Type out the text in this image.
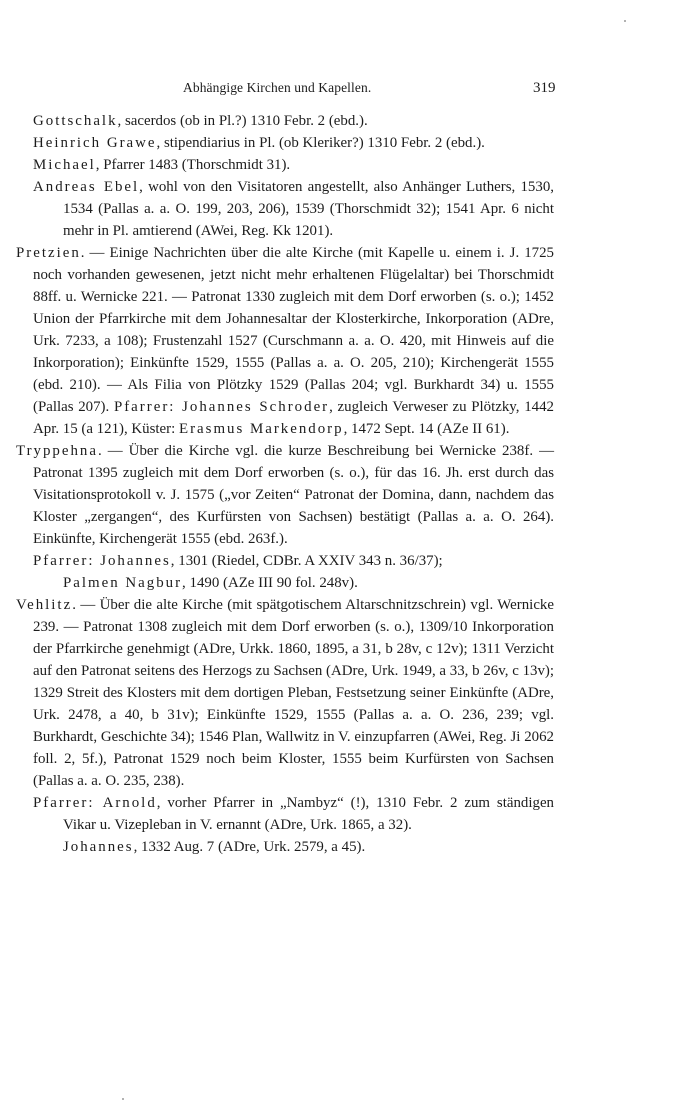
Abhängige Kirchen und Kapellen.	319

Gottschalk, sacerdos (ob in Pl.?) 1310 Febr. 2 (ebd.).

Heinrich Grawe, stipendiarius in Pl. (ob Kleriker?) 1310 Febr. 2 (ebd.).

Michael, Pfarrer 1483 (Thorschmidt 31).

Andreas Ebel, wohl von den Visitatoren angestellt, also Anhänger Luthers, 1530, 1534 (Pallas a. a. O. 199, 203, 206), 1539 (Thorschmidt 32); 1541 Apr. 6 nicht mehr in Pl. amtierend (AWei, Reg. Kk 1201).

Pretzien. — Einige Nachrichten über die alte Kirche (mit Kapelle u. einem i. J. 1725 noch vorhanden gewesenen, jetzt nicht mehr erhaltenen Flügelaltar) bei Thorschmidt 88ff. u. Wernicke 221. — Patronat 1330 zugleich mit dem Dorf erworben (s. o.); 1452 Union der Pfarrkirche mit dem Johannesaltar der Klosterkirche, Inkorporation (ADre, Urk. 7233, a 108); Frustenzahl 1527 (Curschmann a. a. O. 420, mit Hinweis auf die Inkorporation); Einkünfte 1529, 1555 (Pallas a. a. O. 205, 210); Kirchengerät 1555 (ebd. 210). — Als Filia von Plötzky 1529 (Pallas 204; vgl. Burkhardt 34) u. 1555 (Pallas 207). Pfarrer: Johannes Schroder, zugleich Verweser zu Plötzky, 1442 Apr. 15 (a 121), Küster: Erasmus Markendorp, 1472 Sept. 14 (AZe II 61).

Tryppehna. — Über die Kirche vgl. die kurze Beschreibung bei Wernicke 238f. — Patronat 1395 zugleich mit dem Dorf erworben (s. o.), für das 16. Jh. erst durch das Visitationsprotokoll v. J. 1575 („vor Zeiten“ Patronat der Domina, dann, nachdem das Kloster „zergangen“, des Kurfürsten von Sachsen) bestätigt (Pallas a. a. O. 264). Einkünfte, Kirchengerät 1555 (ebd. 263f.).

Pfarrer: Johannes, 1301 (Riedel, CDBr. A XXIV 343 n. 36/37);

Palmen Nagbur, 1490 (AZe III 90 fol. 248v).

Vehlitz. — Über die alte Kirche (mit spätgotischem Altarschnitzschrein) vgl. Wernicke 239. — Patronat 1308 zugleich mit dem Dorf erworben (s. o.), 1309/10 Inkorporation der Pfarrkirche genehmigt (ADre, Urkk. 1860, 1895, a 31, b 28v, c 12v); 1311 Verzicht auf den Patronat seitens des Herzogs zu Sachsen (ADre, Urk. 1949, a 33, b 26v, c 13v); 1329 Streit des Klosters mit dem dortigen Pleban, Festsetzung seiner Einkünfte (ADre, Urk. 2478, a 40, b 31v); Einkünfte 1529, 1555 (Pallas a. a. O. 236, 239; vgl. Burkhardt, Geschichte 34); 1546 Plan, Wallwitz in V. einzupfarren (AWei, Reg. Ji 2062 foll. 2, 5f.), Patronat 1529 noch beim Kloster, 1555 beim Kurfürsten von Sachsen (Pallas a. a. O. 235, 238).

Pfarrer: Arnold, vorher Pfarrer in „Nambyz“ (!), 1310 Febr. 2 zum ständigen Vikar u. Vizepleban in V. ernannt (ADre, Urk. 1865, a 32).

Johannes, 1332 Aug. 7 (ADre, Urk. 2579, a 45).
